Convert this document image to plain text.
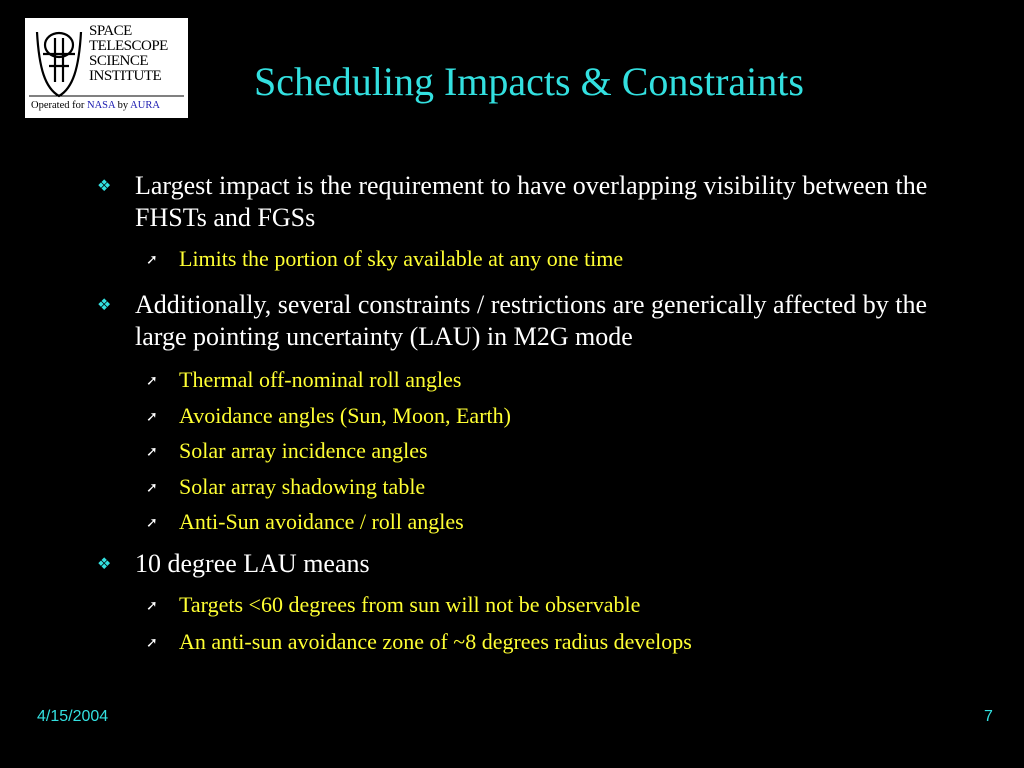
SPACE
TELESCOPE
SCIENCE
INSTITUTE
Operated for NASA by AURA
Scheduling Impacts & Constraints
❖ Largest impact is the requirement to have overlapping visibility between the FHSTs and FGSs
➚ Limits the portion of sky available at any one time
❖ Additionally, several constraints / restrictions are generically affected by the large pointing uncertainty (LAU) in M2G mode
➚ Thermal off-nominal roll angles
➚ Avoidance angles (Sun, Moon, Earth)
➚ Solar array incidence angles
➚ Solar array shadowing table
➚ Anti-Sun avoidance / roll angles
❖ 10 degree LAU means
➚ Targets <60 degrees from sun will not be observable
➚ An anti-sun avoidance zone of ~8 degrees radius develops
4/15/2004	7
